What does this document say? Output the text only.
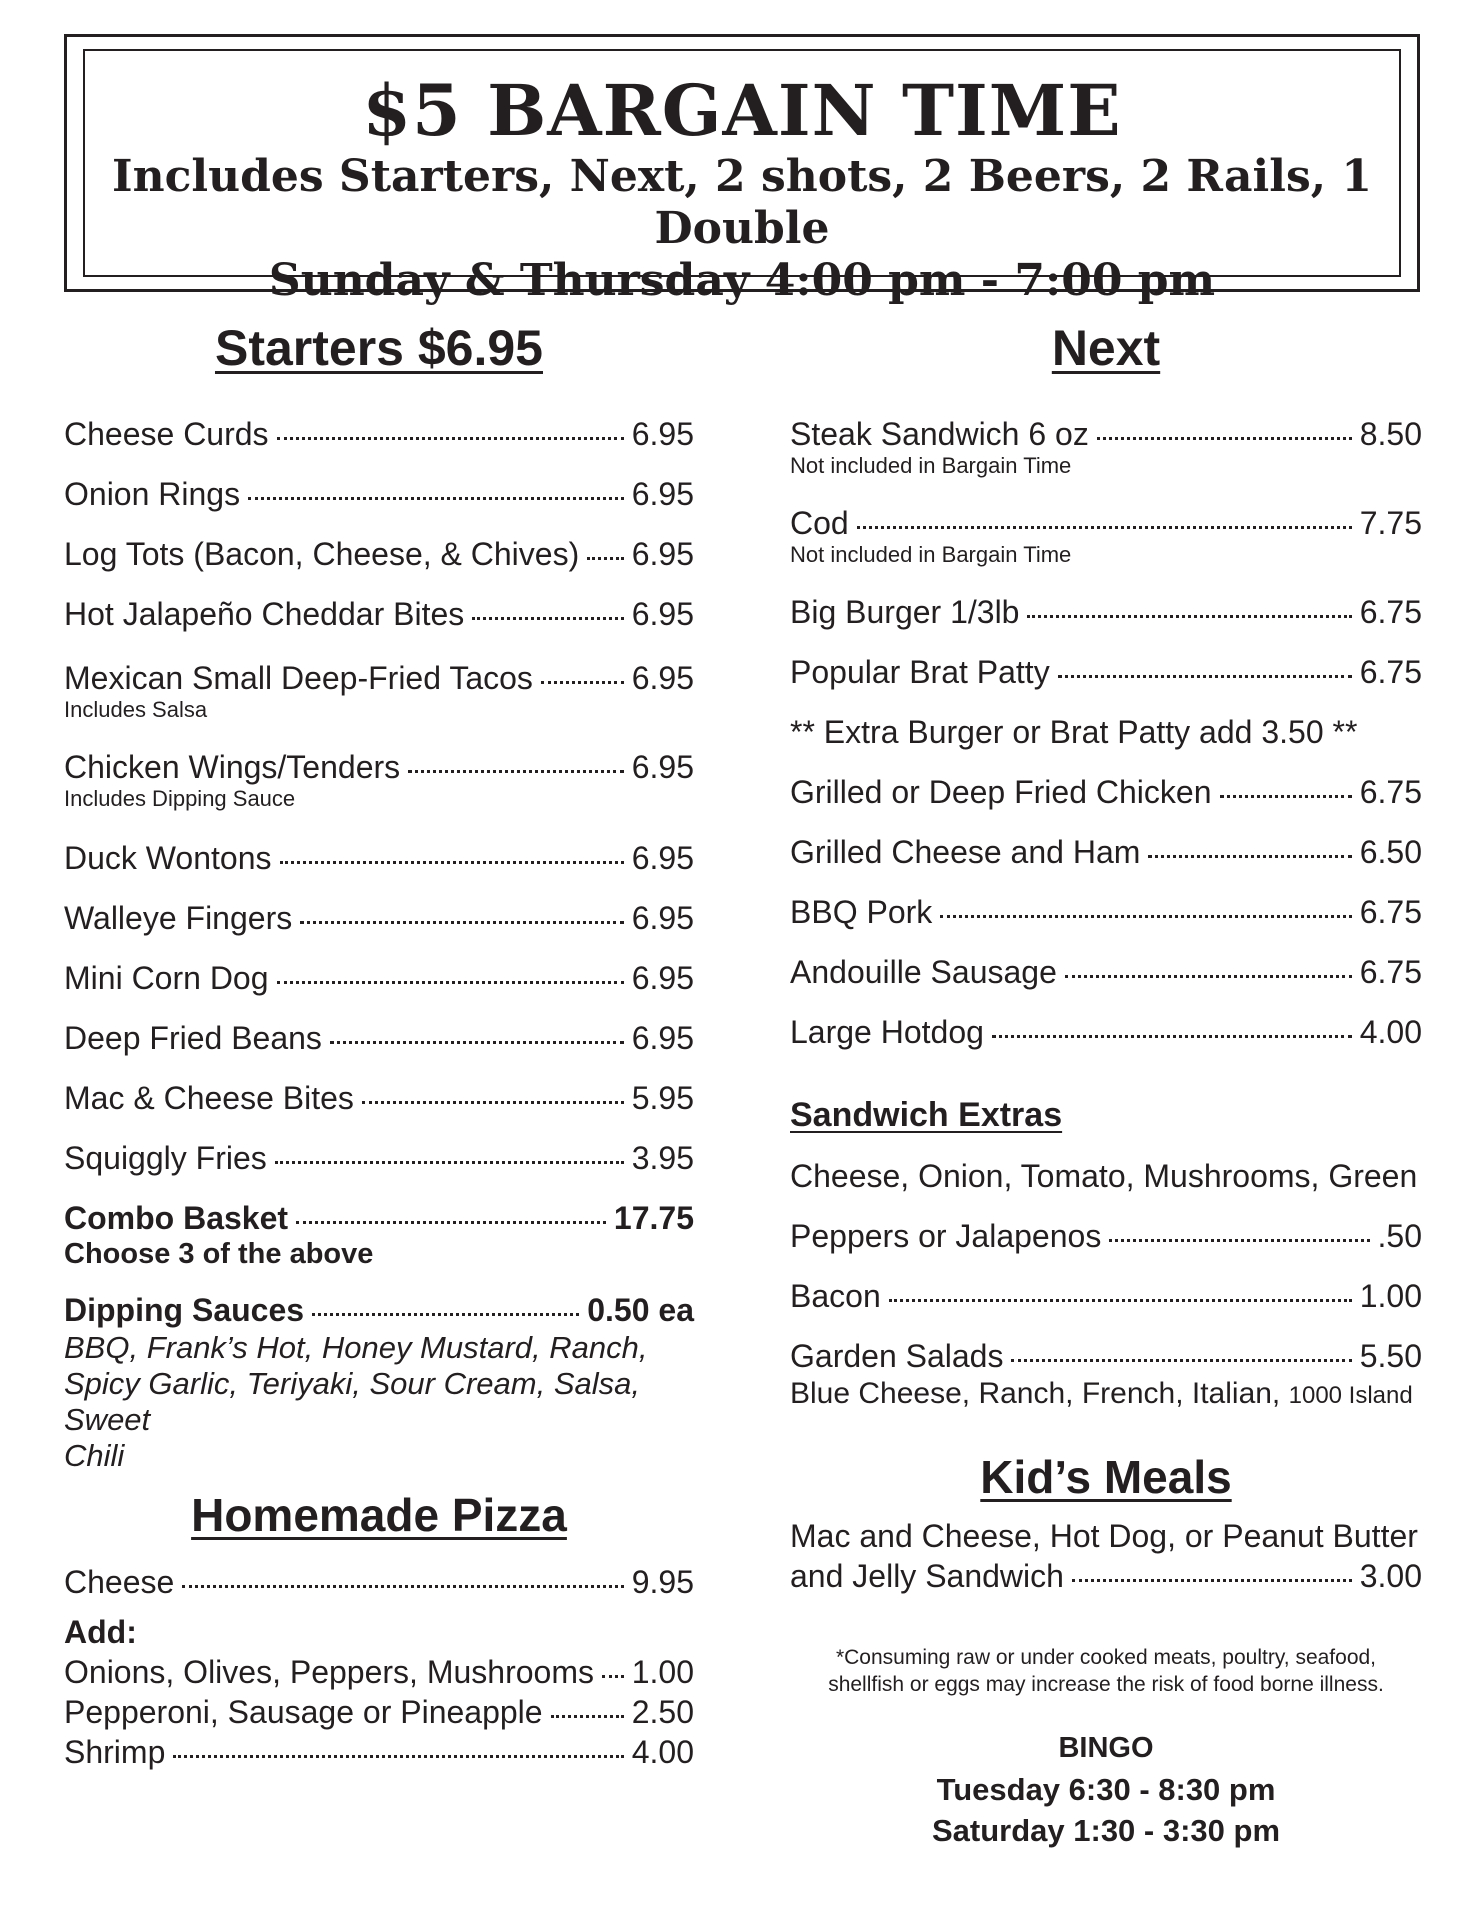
$5 BARGAIN TIME
Includes Starters, Next, 2 shots, 2 Beers, 2 Rails, 1 Double
Sunday & Thursday 4:00 pm - 7:00 pm
Starters $6.95
Cheese Curds	6.95
Onion Rings	6.95
Log Tots (Bacon, Cheese, & Chives) 6.95
Hot Jalapeño Cheddar Bites	6.95
Mexican Small Deep-Fried Tacos	6.95
Includes Salsa
Chicken Wings/Tenders	6.95
Includes Dipping Sauce
Duck Wontons	6.95
Walleye Fingers	6.95
Mini Corn Dog	6.95
Deep Fried Beans	6.95
Mac & Cheese Bites	5.95
Squiggly Fries	3.95
Combo Basket	17.75
Choose 3 of the above
Dipping Sauces	0.50 ea
BBQ, Frank’s Hot, Honey Mustard, Ranch,
Spicy Garlic, Teriyaki, Sour Cream, Salsa, Sweet
Chili
Homemade Pizza
Cheese	9.95
Add:
Onions, Olives, Peppers, Mushrooms 1.00
Pepperoni, Sausage or Pineapple	2.50
Shrimp	4.00
Next
Steak Sandwich 6 oz	8.50
Not included in Bargain Time
Cod	7.75
Not included in Bargain Time
Big Burger 1/3lb	6.75
Popular Brat Patty	6.75
** Extra Burger or Brat Patty add 3.50 **
Grilled or Deep Fried Chicken	6.75
Grilled Cheese and Ham	6.50
BBQ Pork	6.75
Andouille Sausage	6.75
Large Hotdog	4.00
Sandwich Extras
Cheese, Onion, Tomato, Mushrooms, Green
Peppers or Jalapenos	.50
Bacon	1.00
Garden Salads	5.50
Blue Cheese, Ranch, French, Italian, 1000 Island
Kid’s Meals
Mac and Cheese, Hot Dog, or Peanut Butter
and Jelly Sandwich	3.00
*Consuming raw or under cooked meats, poultry, seafood,
shellfish or eggs may increase the risk of food borne illness.
BINGO
Tuesday 6:30 - 8:30 pm
Saturday 1:30 - 3:30 pm
